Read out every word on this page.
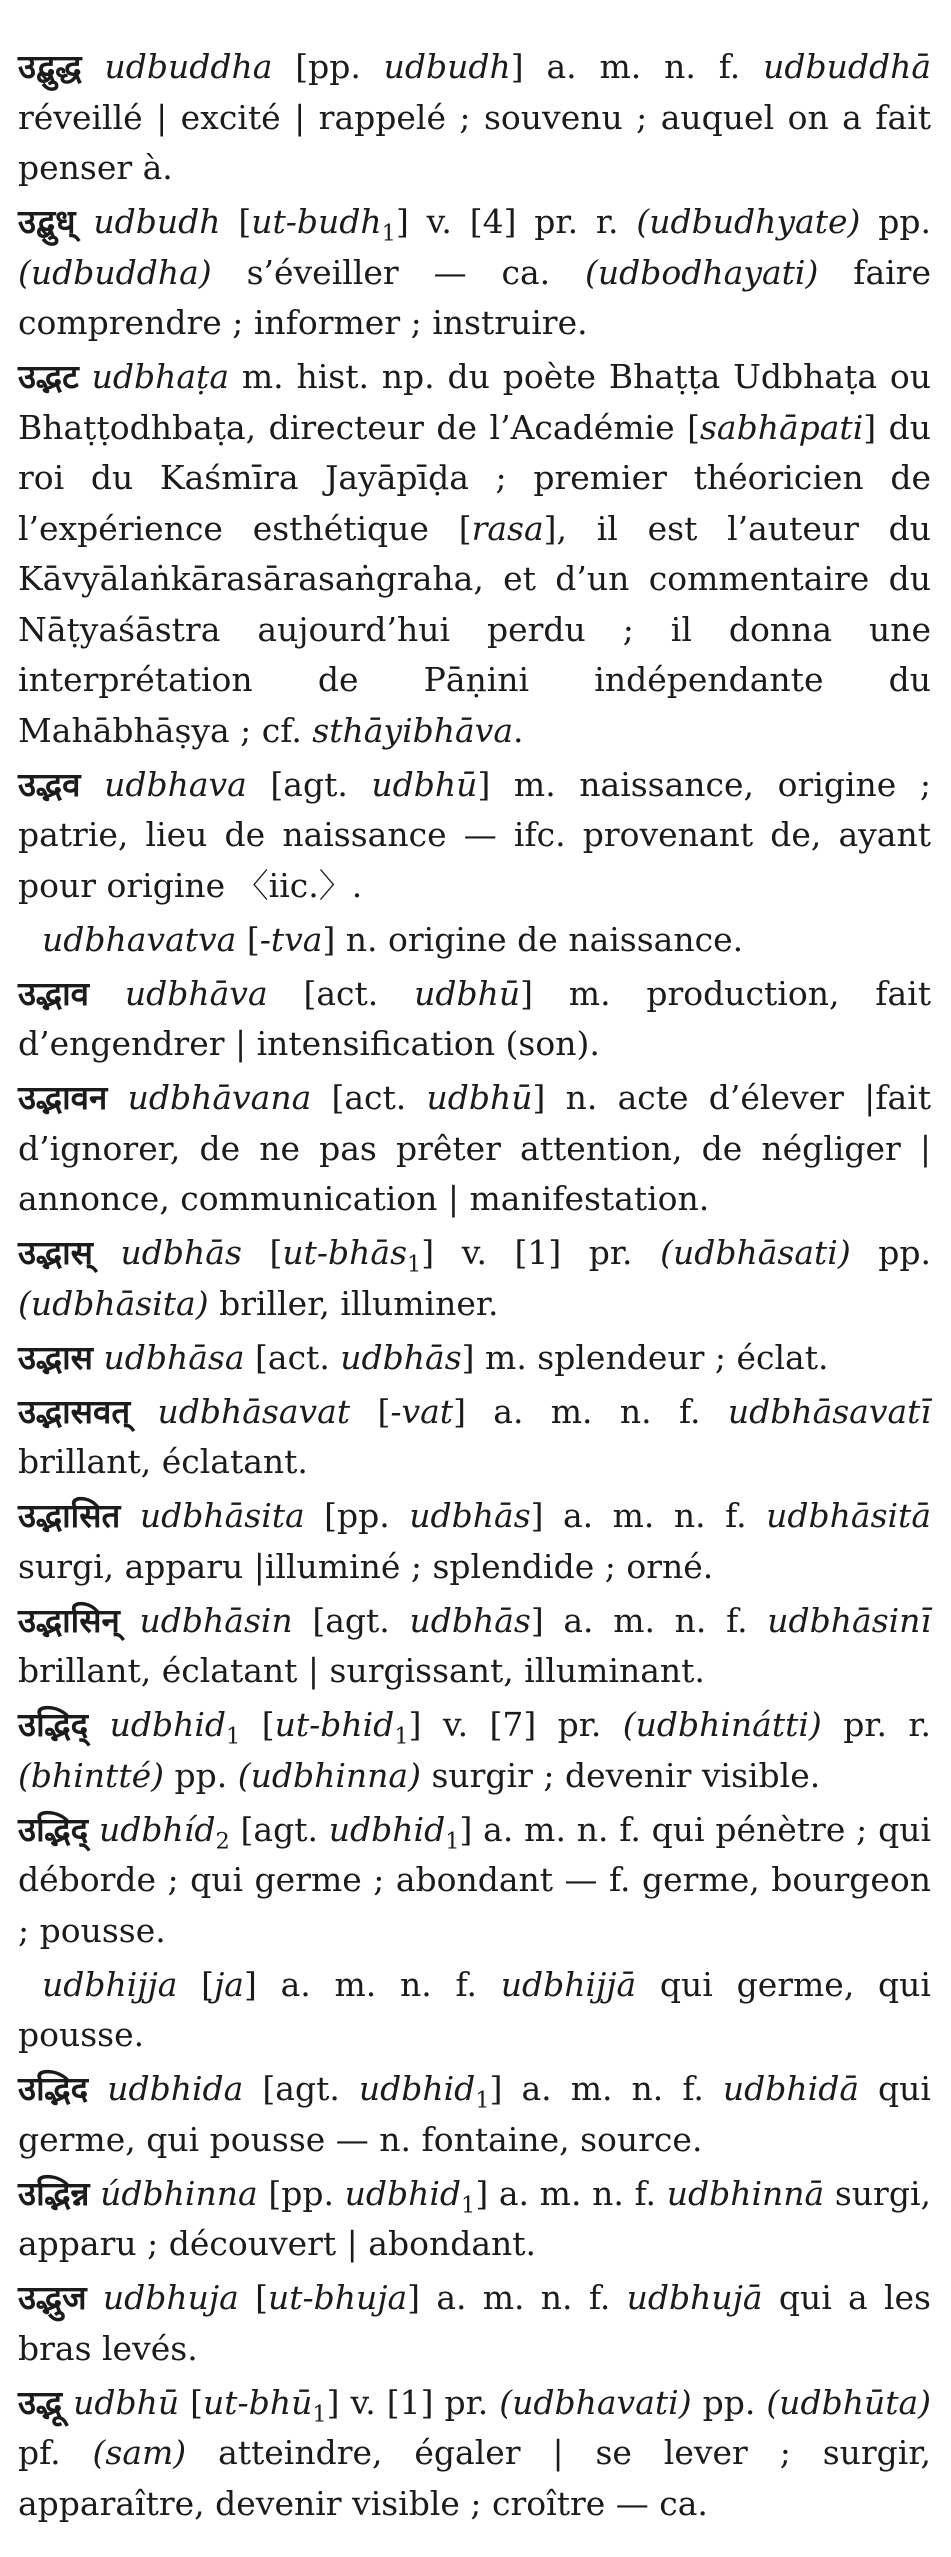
उद्बुद्ध udbuddha [pp. udbudh] a. m. n. f. udbuddhā réveillé | excité | rappelé ; souvenu ; auquel on a fait penser à.

उद्बुध् udbudh [ut-budh$_1$] v. [4] pr. r. (udbudhyate) pp. (udbuddha) s’éveiller — ca. (udbodhayati) faire comprendre ; informer ; instruire.

उद्भट udbhaṭa m. hist. np. du poète Bhaṭṭa Udbhaṭa ou Bhaṭṭodhbaṭa, directeur de l’Académie [sabhāpati] du roi du Kaśmīra Jayāpīḍa ; premier théoricien de l’expérience esthétique [rasa], il est l’auteur du Kāvyālaṅkārasārasaṅgraha, et d’un commentaire du Nāṭyaśāstra aujourd’hui perdu ; il donna une interprétation de Pāṇini indépendante du Mahābhāṣya ; cf. sthāyibhāva.

उद्भव udbhava [agt. udbhū] m. naissance, origine ; patrie, lieu de naissance — ifc. provenant de, ayant pour origine 〈iic.〉.

udbhavatva [-tva] n. origine de naissance.

उद्भाव udbhāva [act. udbhū] m. production, fait d’engendrer | intensification (son).

उद्भावन udbhāvana [act. udbhū] n. acte d’élever |fait d’ignorer, de ne pas prêter attention, de négliger | annonce, communication | manifestation.

उद्भास् udbhās [ut-bhās$_1$] v. [1] pr. (udbhāsati) pp. (udbhāsita) briller, illuminer.

उद्भास udbhāsa [act. udbhās] m. splendeur ; éclat.

उद्भासवत् udbhāsavat [-vat] a. m. n. f. udbhāsavatī brillant, éclatant.

उद्भासित udbhāsita [pp. udbhās] a. m. n. f. udbhāsitā surgi, apparu |illuminé ; splendide ; orné.

उद्भासिन् udbhāsin [agt. udbhās] a. m. n. f. udbhāsinī brillant, éclatant | surgissant, illuminant.

उद्भिद् udbhid$_1$ [ut-bhid$_1$] v. [7] pr. (udbhinátti) pr. r. (bhintté) pp. (udbhinna) surgir ; devenir visible.

उद्भिद् udbhíd$_2$ [agt. udbhid$_1$] a. m. n. f. qui pénètre ; qui déborde ; qui germe ; abondant — f. germe, bourgeon ; pousse.

udbhijja [ja] a. m. n. f. udbhijjā qui germe, qui pousse.

उद्भिद udbhida [agt. udbhid$_1$] a. m. n. f. udbhidā qui germe, qui pousse — n. fontaine, source.

उद्भिन्न údbhinna [pp. udbhid$_1$] a. m. n. f. udbhinnā surgi, apparu ; découvert | abondant.

उद्भुज udbhuja [ut-bhuja] a. m. n. f. udbhujā qui a les bras levés.

उद्भू udbhū [ut-bhū$_1$] v. [1] pr. (udbhavati) pp. (udbhūta) pf. (sam) atteindre, égaler | se lever ; surgir, apparaître, devenir visible ; croître — ca.
